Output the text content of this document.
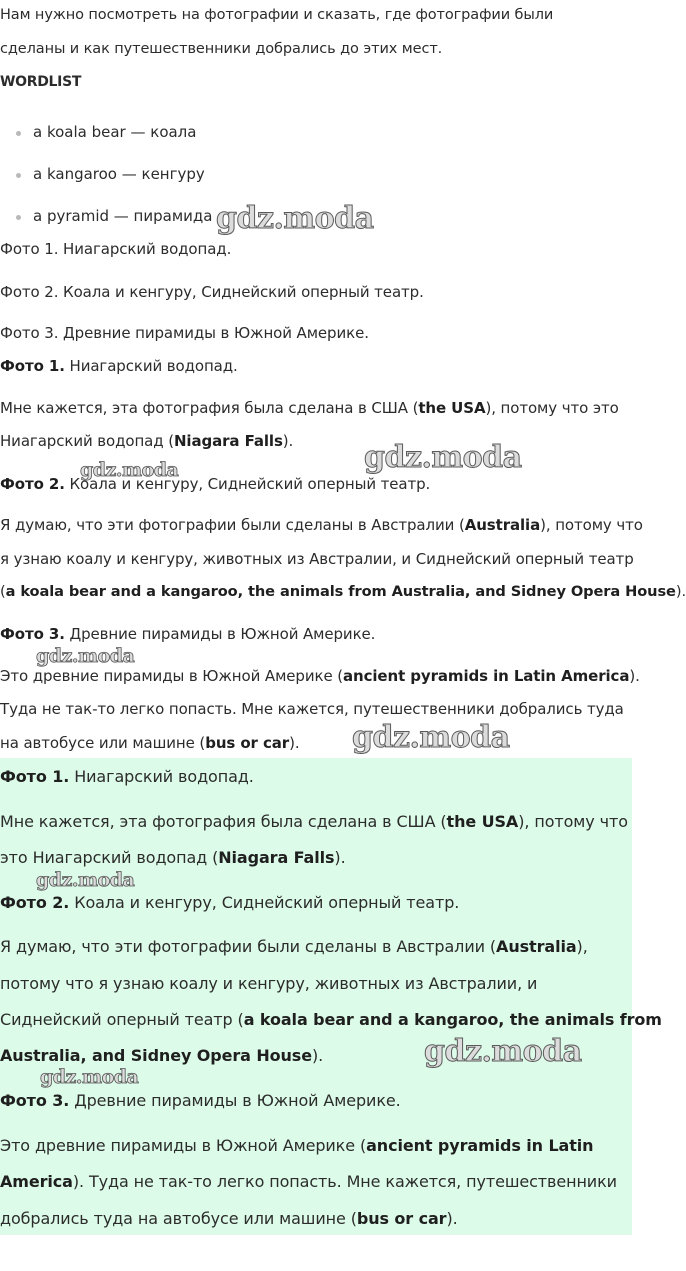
Нам нужно посмотреть на фотографии и сказать, где фотографии были

сделаны и как путешественники добрались до этих мест.

WORDLIST
a koala bear — коала
a kangaroo — кенгуру
a pyramid — пирамида

Фото 1. Ниагарский водопад.

Фото 2. Коала и кенгуру, Сиднейский оперный театр.

Фото 3. Древние пирамиды в Южной Америке.

Фото 1. Ниагарский водопад.

Мне кажется, эта фотография была сделана в США (the USA), потому что это

Ниагарский водопад (Niagara Falls).

Фото 2. Коала и кенгуру, Сиднейский оперный театр.

Я думаю, что эти фотографии были сделаны в Австралии (Australia), потому что

я узнаю коалу и кенгуру, животных из Австралии, и Сиднейский оперный театр

(a koala bear and a kangaroo, the animals from Australia, and Sidney Opera House).

Фото 3. Древние пирамиды в Южной Америке.

Это древние пирамиды в Южной Америке (ancient pyramids in Latin America).

Туда не так-то легко попасть. Мне кажется, путешественники добрались туда

на автобусе или машине (bus or car).

Фото 1. Ниагарский водопад.

Мне кажется, эта фотография была сделана в США (the USA), потому что

это Ниагарский водопад (Niagara Falls).

Фото 2. Коала и кенгуру, Сиднейский оперный театр.

Я думаю, что эти фотографии были сделаны в Австралии (Australia),

потому что я узнаю коалу и кенгуру, животных из Австралии, и

Сиднейский оперный театр (a koala bear and a kangaroo, the animals from

Australia, and Sidney Opera House).

Фото 3. Древние пирамиды в Южной Америке.

Это древние пирамиды в Южной Америке (ancient pyramids in Latin

America). Туда не так-то легко попасть. Мне кажется, путешественники

добрались туда на автобусе или машине (bus or car).

gdz.moda
gdz.moda	gdz.moda
gdz.moda
gdz.moda
gdz.moda
gdz.moda
gdz.moda
